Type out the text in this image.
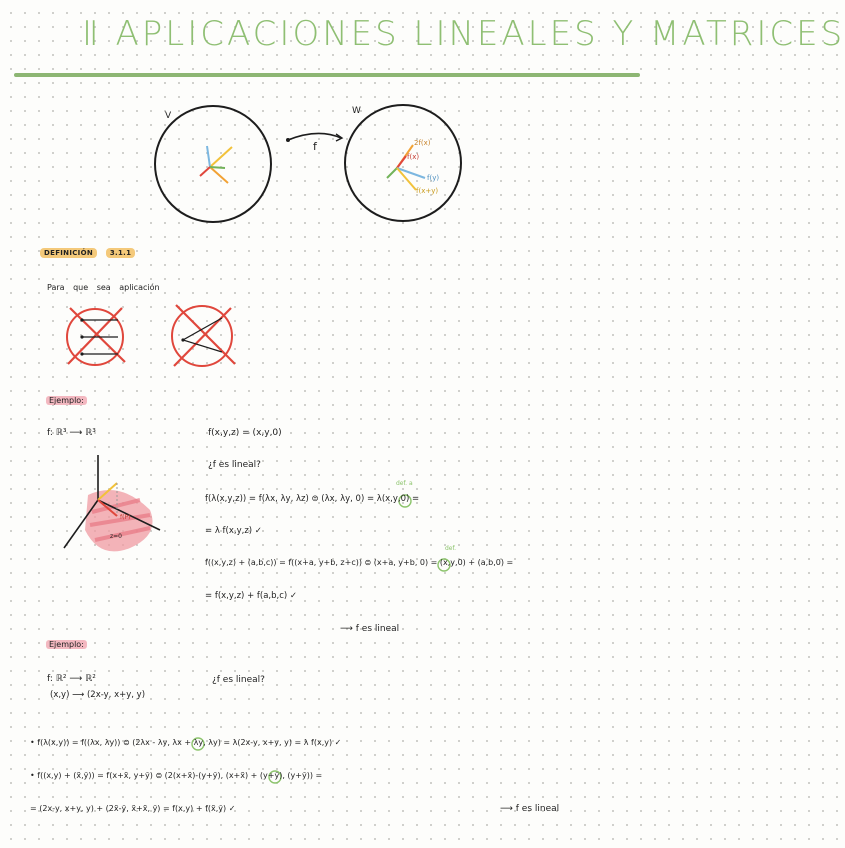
Ⅱ APLICACIONES LINEALES Y MATRICES
V	W
f	2f(x)
f(x)
f(y)
f(x+y)
DEFINICIÓN 3.1.1
Para que sea aplicación
Ejemplo:
f: ℝ³ ⟶ ℝ³	f(x,y,z) = (x,y,0)
¿f es lineal?
def. a
f(λ(x,y,z)) = f(λx, λy, λz) ⊜ (λx, λy, 0) = λ(x,y,0) =
= λ f(x,y,z) ✓
def.
f((x,y,z) + (a,b,c)) = f((x+a, y+b, z+c)) ⊜ (x+a, y+b, 0) = (x,y,0) + (a,b,0) =
= f(x,y,z) + f(a,b,c) ✓
⟶ f es lineal
f(P)
z=0
Ejemplo:
f: ℝ² ⟶ ℝ²
(x,y) ⟶ (2x-y, x+y, y)
¿f es lineal?
• f(λ(x,y)) = f((λx, λy)) ⊜ (2λx - λy, λx + λy, λy) = λ(2x-y, x+y, y) = λ f(x,y) ✓
• f((x,y) + (x̃,ỹ)) = f(x+x̃, y+ỹ) ⊜ (2(x+x̃)-(y+ỹ), (x+x̃) + (y+ỹ), (y+ỹ)) =
= (2x-y, x+y, y) + (2x̃-ỹ, x̃+x̃, ỹ) = f(x,y) + f(x̃,ỹ) ✓	⟶ f es lineal
